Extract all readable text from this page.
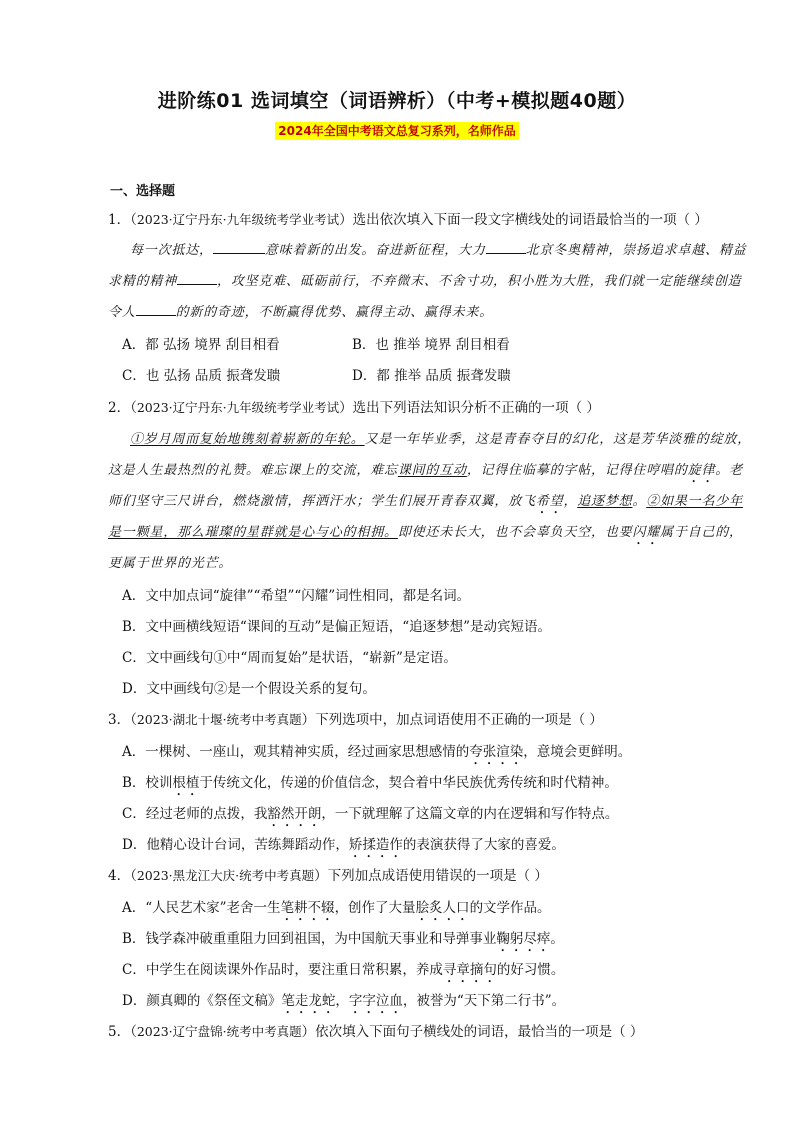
进阶练01 选词填空（词语辨析）（中考+模拟题40题）
2024年全国中考语文总复习系列，名师作品
一、选择题
1．（2023·辽宁丹东·九年级统考学业考试）选出依次填入下面一段文字横线处的词语最恰当的一项（ ）
每一次抵达，	意味着新的出发。奋进新征程，大力	北京冬奥精神，崇扬追求卓越、精益
求精的精神	，攻坚克难、砥砺前行，不弃微末、不舍寸功，积小胜为大胜，我们就一定能继续创造
令人	的新的奇迹，不断赢得优势、赢得主动、赢得未来。
A．都 弘扬 境界 刮目相看	B．也 推举 境界 刮目相看
C．也 弘扬 品质 振聋发聩	D．都 推举 品质 振聋发聩
2．（2023·辽宁丹东·九年级统考学业考试）选出下列语法知识分析不正确的一项（ ）
①岁月周而复始地镌刻着崭新的年轮。又是一年毕业季，这是青春夺目的幻化，这是芳华淡雅的绽放，
这是人生最热烈的礼赞。难忘课上的交流，难忘课间的互动，记得住临摹的字帖，记得住哼唱的旋律。老
师们坚守三尺讲台，燃烧激情，挥洒汗水；学生们展开青春双翼，放飞希望，追逐梦想。②如果一名少年
是一颗星，那么璀璨的星群就是心与心的相拥。即使还未长大，也不会辜负天空，也要闪耀属于自己的，
更属于世界的光芒。
A．文中加点词“旋律”“希望”“闪耀”词性相同，都是名词。
B．文中画横线短语“课间的互动”是偏正短语，“追逐梦想”是动宾短语。
C．文中画线句①中“周而复始”是状语，“崭新”是定语。
D．文中画线句②是一个假设关系的复句。
3．（2023·湖北十堰·统考中考真题）下列选项中，加点词语使用不正确的一项是（ ）
A．一棵树、一座山，观其精神实质，经过画家思想感情的夸张渲染，意境会更鲜明。
B．校训根植于传统文化，传递的价值信念，契合着中华民族优秀传统和时代精神。
C．经过老师的点拨，我豁然开朗，一下就理解了这篇文章的内在逻辑和写作特点。
D．他精心设计台词，苦练舞蹈动作，矫揉造作的表演获得了大家的喜爱。
4．（2023·黑龙江大庆·统考中考真题）下列加点成语使用错误的一项是（ ）
A．“人民艺术家”老舍一生笔耕不辍，创作了大量脍炙人口的文学作品。
B．钱学森冲破重重阻力回到祖国，为中国航天事业和导弹事业鞠躬尽瘁。
C．中学生在阅读课外作品时，要注重日常积累，养成寻章摘句的好习惯。
D．颜真卿的《祭侄文稿》笔走龙蛇，字字泣血，被誉为“天下第二行书”。
5．（2023·辽宁盘锦·统考中考真题）依次填入下面句子横线处的词语，最恰当的一项是（ ）
